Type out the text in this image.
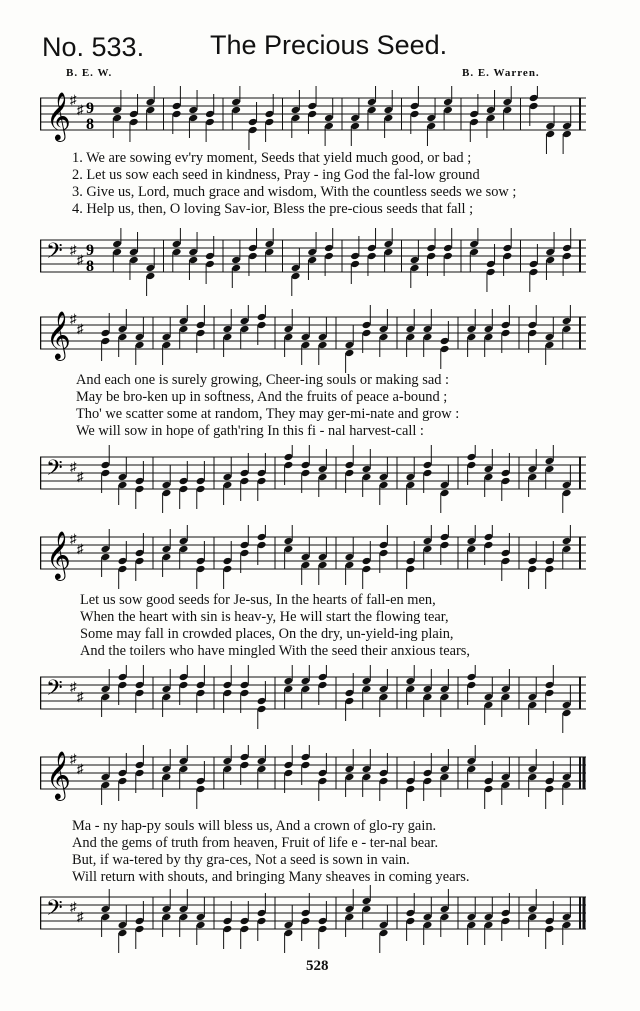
No. 533. The Precious Seed.
B. E. W.	B. E. Warren.
𝄞 ♯
♯ 9
8
1. We are sowing ev'ry moment, Seeds that yield much good, or bad ;
2. Let us sow each seed in kindness, Pray - ing God the fal-low ground
3. Give us, Lord, much grace and wisdom, With the countless seeds we sow ;
4. Help us, then, O loving Sav-ior, Bless the pre-cious seeds that fall ;
𝄢 ♯
♯
9
8
𝄞 ♯
♯
And each one is surely growing, Cheer-ing souls or making sad :
May be bro-ken up in softness, And the fruits of peace a-bound ;
Tho' we scatter some at random, They may ger-mi-nate and grow :
We will sow in hope of gath'ring In this fi - nal harvest-call :
𝄢 ♯
♯
𝄞 ♯
♯
Let us sow good seeds for Je-sus, In the hearts of fall-en men,
When the heart with sin is heav-y, He will start the flowing tear,
Some may fall in crowded places, On the dry, un-yield-ing plain,
And the toilers who have mingled With the seed their anxious tears,
𝄢 ♯
♯
𝄞 ♯
♯
Ma - ny hap-py souls will bless us, And a crown of glo-ry gain.
And the gems of truth from heaven, Fruit of life e - ter-nal bear.
But, if wa-tered by thy gra-ces, Not a seed is sown in vain.
Will return with shouts, and bringing Many sheaves in coming years.
𝄢 ♯
♯
528
